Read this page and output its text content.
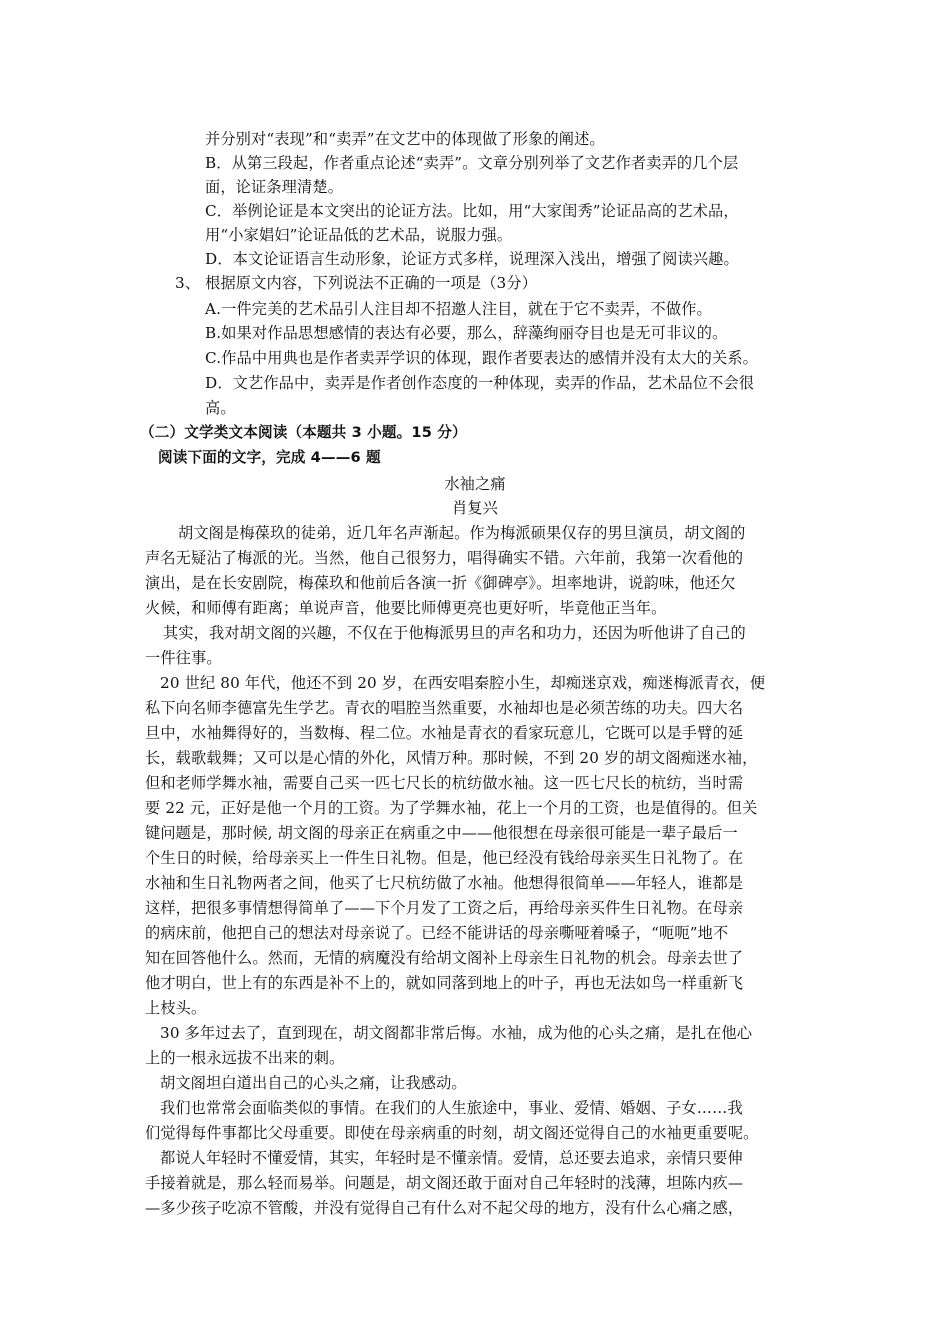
并分别对“表现”和“卖弄”在文艺中的体现做了形象的阐述。
B．从第三段起，作者重点论述“卖弄”。文章分别列举了文艺作者卖弄的几个层
面，论证条理清楚。
C．举例论证是本文突出的论证方法。比如，用“大家闺秀”论证品高的艺术品，
用“小家娼妇”论证品低的艺术品，说服力强。
D．本文论证语言生动形象，论证方式多样，说理深入浅出，增强了阅读兴趣。
3、 根据原文内容，下列说法不正确的一项是（3分）
A.一件完美的艺术品引人注目却不招邀人注目，就在于它不卖弄，不做作。
B.如果对作品思想感情的表达有必要，那么，辞藻绚丽夺目也是无可非议的。
C.作品中用典也是作者卖弄学识的体现，跟作者要表达的感情并没有太大的关系。
D．文艺作品中，卖弄是作者创作态度的一种体现，卖弄的作品，艺术品位不会很
高。
（二）文学类文本阅读（本题共 3 小题。15 分）
阅读下面的文字，完成 4——6 题
水袖之痛
肖复兴
胡文阁是梅葆玖的徒弟，近几年名声渐起。作为梅派硕果仅存的男旦演员，胡文阁的
声名无疑沾了梅派的光。当然，他自己很努力，唱得确实不错。六年前，我第一次看他的
演出，是在长安剧院，梅葆玖和他前后各演一折《御碑亭》。坦率地讲，说韵味，他还欠
火候，和师傅有距离；单说声音，他要比师傅更亮也更好听，毕竟他正当年。
其实，我对胡文阁的兴趣，不仅在于他梅派男旦的声名和功力，还因为听他讲了自己的
一件往事。
20 世纪 80 年代，他还不到 20 岁，在西安唱秦腔小生，却痴迷京戏，痴迷梅派青衣，便
私下向名师李德富先生学艺。青衣的唱腔当然重要，水袖却也是必须苦练的功夫。四大名
旦中，水袖舞得好的，当数梅、程二位。水袖是青衣的看家玩意儿，它既可以是手臂的延
长，载歌载舞；又可以是心情的外化，风情万种。那时候，不到 20 岁的胡文阁痴迷水袖，
但和老师学舞水袖，需要自己买一匹七尺长的杭纺做水袖。这一匹七尺长的杭纺，当时需
要 22 元，正好是他一个月的工资。为了学舞水袖，花上一个月的工资，也是值得的。但关
键问题是，那时候, 胡文阁的母亲正在病重之中——他很想在母亲很可能是一辈子最后一
个生日的时候，给母亲买上一件生日礼物。但是，他已经没有钱给母亲买生日礼物了。在
水袖和生日礼物两者之间，他买了七尺杭纺做了水袖。他想得很简单——年轻人，谁都是
这样，把很多事情想得简单了——下个月发了工资之后，再给母亲买件生日礼物。在母亲
的病床前，他把自己的想法对母亲说了。已经不能讲话的母亲嘶哑着嗓子，“呃呃”地不
知在回答他什么。然而，无情的病魔没有给胡文阁补上母亲生日礼物的机会。母亲去世了
他才明白，世上有的东西是补不上的，就如同落到地上的叶子，再也无法如鸟一样重新飞
上枝头。
30 多年过去了，直到现在，胡文阁都非常后悔。水袖，成为他的心头之痛，是扎在他心
上的一根永远拔不出来的刺。
胡文阁坦白道出自己的心头之痛，让我感动。
我们也常常会面临类似的事情。在我们的人生旅途中，事业、爱情、婚姻、子女……我
们觉得每件事都比父母重要。即使在母亲病重的时刻，胡文阁还觉得自己的水袖更重要呢。
都说人年轻时不懂爱情，其实，年轻时是不懂亲情。爱情，总还要去追求，亲情只要伸
手接着就是，那么轻而易举。问题是，胡文阁还敢于面对自己年轻时的浅薄，坦陈内疚—
—多少孩子吃凉不管酸，并没有觉得自己有什么对不起父母的地方，没有什么心痛之感，
